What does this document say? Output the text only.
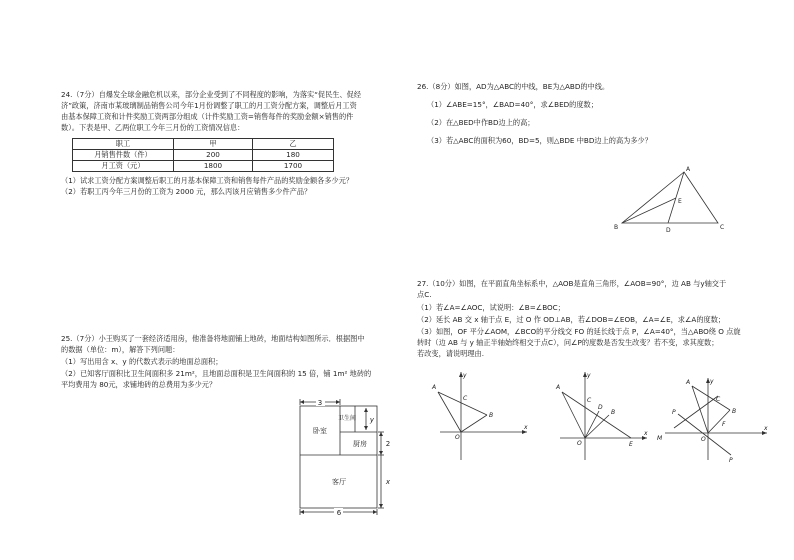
24.（7分）自爆发全球金融危机以来，部分企业受到了不同程度的影响，为落实“促民生、促经
济”政策，济南市某玻璃制品销售公司今年1月份调整了职工的月工资分配方案，调整后月工资
由基本保障工资和计件奖励工资两部分组成（计件奖励工资=销售每件的奖励金额×销售的件
数）。下表是甲、乙两位职工今年三月份的工资情况信息：
职工	甲	乙
月销售件数（件）	200	180
月工资（元）	1800	1700
（1）试求工资分配方案调整后职工的月基本保障工资和销售每件产品的奖励金额各多少元？
（2）若职工丙今年三月份的工资为 2000 元，那么丙该月应销售多少件产品？
25.（7分）小王购买了一套经济适用房，他准备将地面铺上地砖，地面结构如图所示．根据图中
的数据（单位：m），解答下列问题：
（1）写出用含 x、y 的代数式表示的地面总面积；
（2）已知客厅面积比卫生间面积多 21m²，且地面总面积是卫生间面积的 15 倍，铺 1m² 地砖的
平均费用为 80元，求铺地砖的总费用为多少元？
3
卧室
卫生间
厨房
客厅
y
2
x
6
26.（8分）如图，AD为△ABC的中线，BE为△ABD的中线。
（1）∠ABE=15°，∠BAD=40°，求∠BED的度数；
（2）在△BED中作BD边上的高；
（3）若△ABC的面积为60，BD=5，则△BDE 中BD边上的高为多少？
A
B	C
D
E
27.（10分）如图，在平面直角坐标系中，△AOB是直角三角形，∠AOB=90°，边 AB 与y轴交于
点C.
（1）若∠A=∠AOC，试说明：∠B=∠BOC；
（2）延长 AB 交 x 轴于点 E，过 O 作 OD⊥AB，若∠DOB=∠EOB，∠A=∠E，求∠A的度数；
（3）如图，OF 平分∠AOM，∠BCO的平分线交 FO 的延长线于点 P，∠A=40°，当△ABO绕 O 点旋
转时（边 AB 与 y 轴正半轴始终相交于点C），问∠P的度数是否发生改变？若不变，求其度数；
若改变，请说明理由.
A
B
C
O
x
y
A
B
C
D
E
O
x
y
A
B
C
F
P
P
M	O
x
y
